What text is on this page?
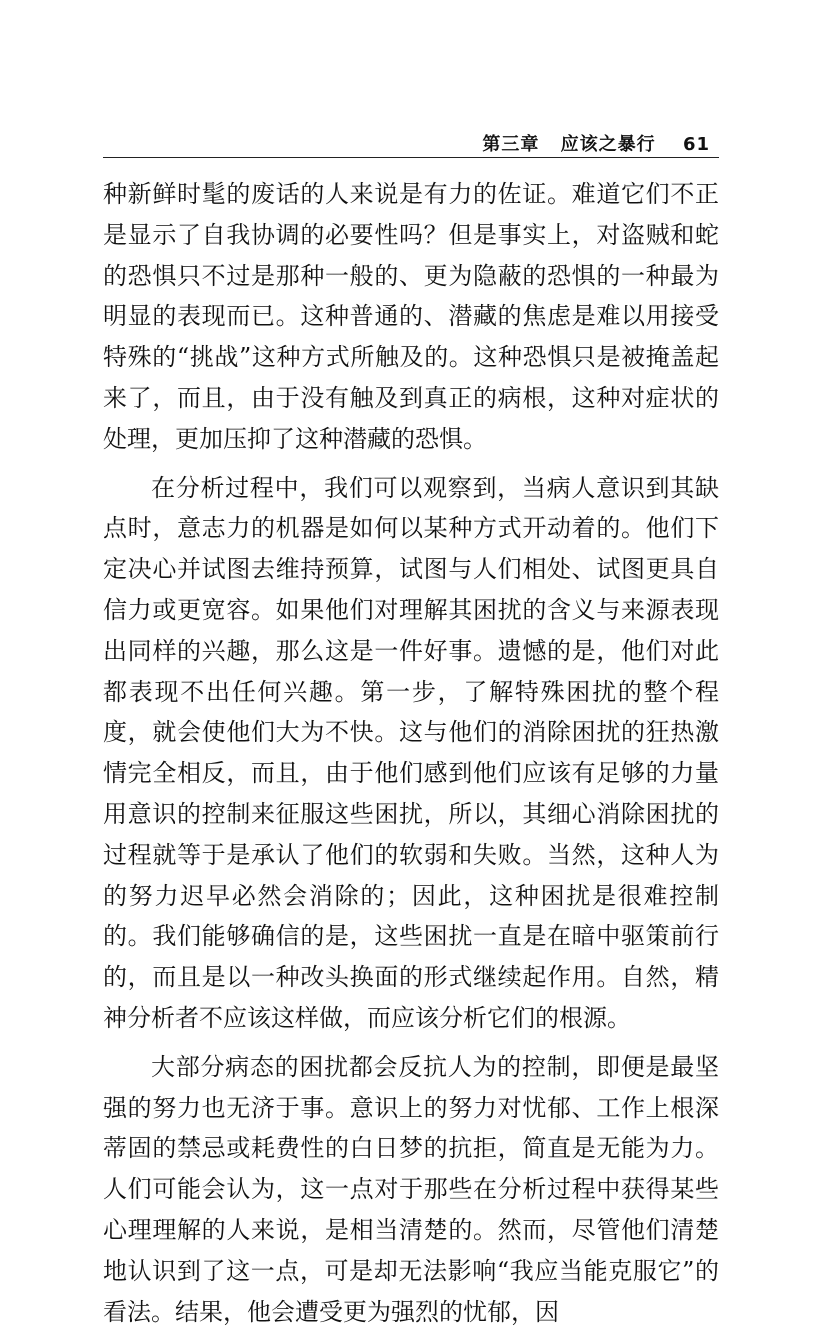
第三章 应该之暴行 61

种新鲜时髦的废话的人来说是有力的佐证。难道它们不正是显示了自我协调的必要性吗？但是事实上，对盗贼和蛇的恐惧只不过是那种一般的、更为隐蔽的恐惧的一种最为明显的表现而已。这种普通的、潜藏的焦虑是难以用接受特殊的“挑战”这种方式所触及的。这种恐惧只是被掩盖起来了，而且，由于没有触及到真正的病根，这种对症状的处理，更加压抑了这种潜藏的恐惧。

在分析过程中，我们可以观察到，当病人意识到其缺点时，意志力的机器是如何以某种方式开动着的。他们下定决心并试图去维持预算，试图与人们相处、试图更具自信力或更宽容。如果他们对理解其困扰的含义与来源表现出同样的兴趣，那么这是一件好事。遗憾的是，他们对此都表现不出任何兴趣。第一步，了解特殊困扰的整个程度，就会使他们大为不快。这与他们的消除困扰的狂热激情完全相反，而且，由于他们感到他们应该有足够的力量用意识的控制来征服这些困扰，所以，其细心消除困扰的过程就等于是承认了他们的软弱和失败。当然，这种人为的努力迟早必然会消除的；因此，这种困扰是很难控制的。我们能够确信的是，这些困扰一直是在暗中驱策前行的，而且是以一种改头换面的形式继续起作用。自然，精神分析者不应该这样做，而应该分析它们的根源。

大部分病态的困扰都会反抗人为的控制，即便是最坚强的努力也无济于事。意识上的努力对忧郁、工作上根深蒂固的禁忌或耗费性的白日梦的抗拒，简直是无能为力。人们可能会认为，这一点对于那些在分析过程中获得某些心理理解的人来说，是相当清楚的。然而，尽管他们清楚地认识到了这一点，可是却无法影响“我应当能克服它”的看法。结果，他会遭受更为强烈的忧郁，因
